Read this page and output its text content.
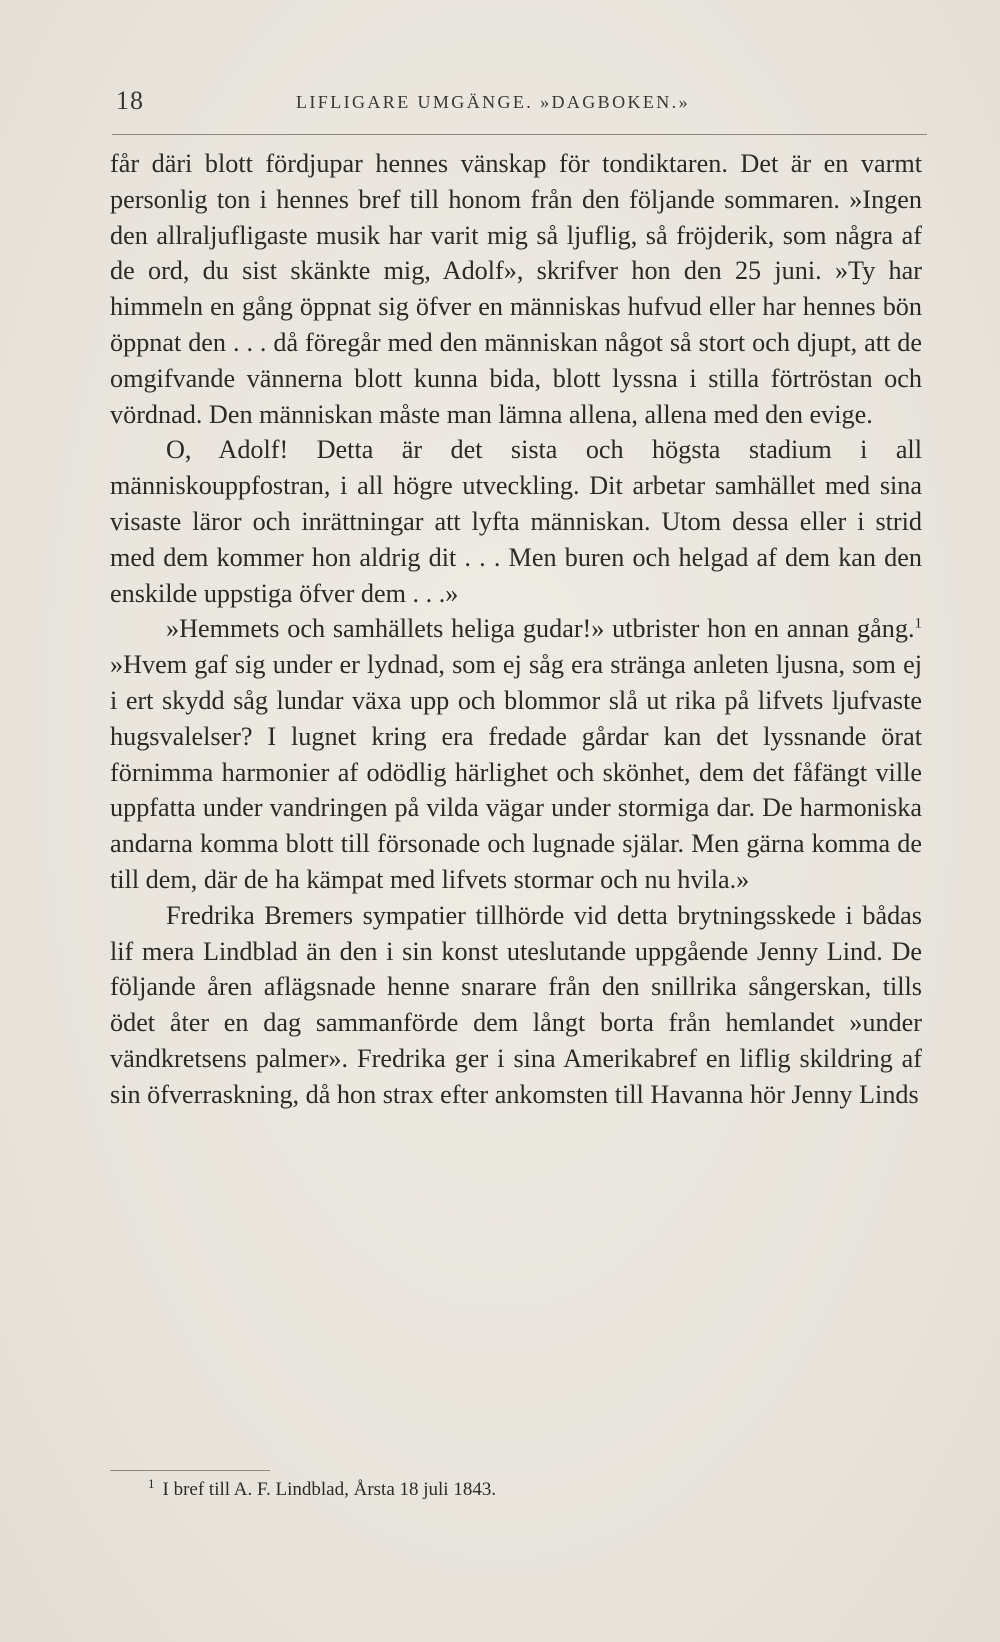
18	LIFLIGARE UMGÄNGE. »DAGBOKEN.»

får däri blott fördjupar hennes vänskap för tondiktaren. Det är en varmt personlig ton i hennes bref till honom från den följande sommaren. »Ingen den allraljufligaste musik har varit mig så ljuflig, så fröjderik, som några af de ord, du sist skänkte mig, Adolf», skrifver hon den 25 juni. »Ty har himmeln en gång öppnat sig öfver en människas hufvud eller har hennes bön öppnat den . . . då föregår med den människan något så stort och djupt, att de omgifvande vännerna blott kunna bida, blott lyssna i stilla förtröstan och vördnad. Den människan måste man lämna allena, allena med den evige.

O, Adolf! Detta är det sista och högsta stadium i all människouppfostran, i all högre utveckling. Dit arbetar samhället med sina visaste läror och inrättningar att lyfta människan. Utom dessa eller i strid med dem kommer hon aldrig dit . . . Men buren och helgad af dem kan den enskilde uppstiga öfver dem . . .»

»Hemmets och samhällets heliga gudar!» utbrister hon en annan gång.$^1$ »Hvem gaf sig under er lydnad, som ej såg era stränga anleten ljusna, som ej i ert skydd såg lundar växa upp och blommor slå ut rika på lifvets ljufvaste hugsvalelser? I lugnet kring era fredade gårdar kan det lyssnande örat förnimma harmonier af odödlig härlighet och skönhet, dem det fåfängt ville uppfatta under vandringen på vilda vägar under stormiga dar. De harmoniska andarna komma blott till försonade och lugnade själar. Men gärna komma de till dem, där de ha kämpat med lifvets stormar och nu hvila.»

Fredrika Bremers sympatier tillhörde vid detta brytningsskede i bådas lif mera Lindblad än den i sin konst uteslutande uppgående Jenny Lind. De följande åren aflägsnade henne snarare från den snillrika sångerskan, tills ödet åter en dag sammanförde dem långt borta från hemlandet »under vändkretsens palmer». Fredrika ger i sina Amerikabref en liflig skildring af sin öfverraskning, då hon strax efter ankomsten till Havanna hör Jenny Linds

$^1$ I bref till A. F. Lindblad, Årsta 18 juli 1843.
